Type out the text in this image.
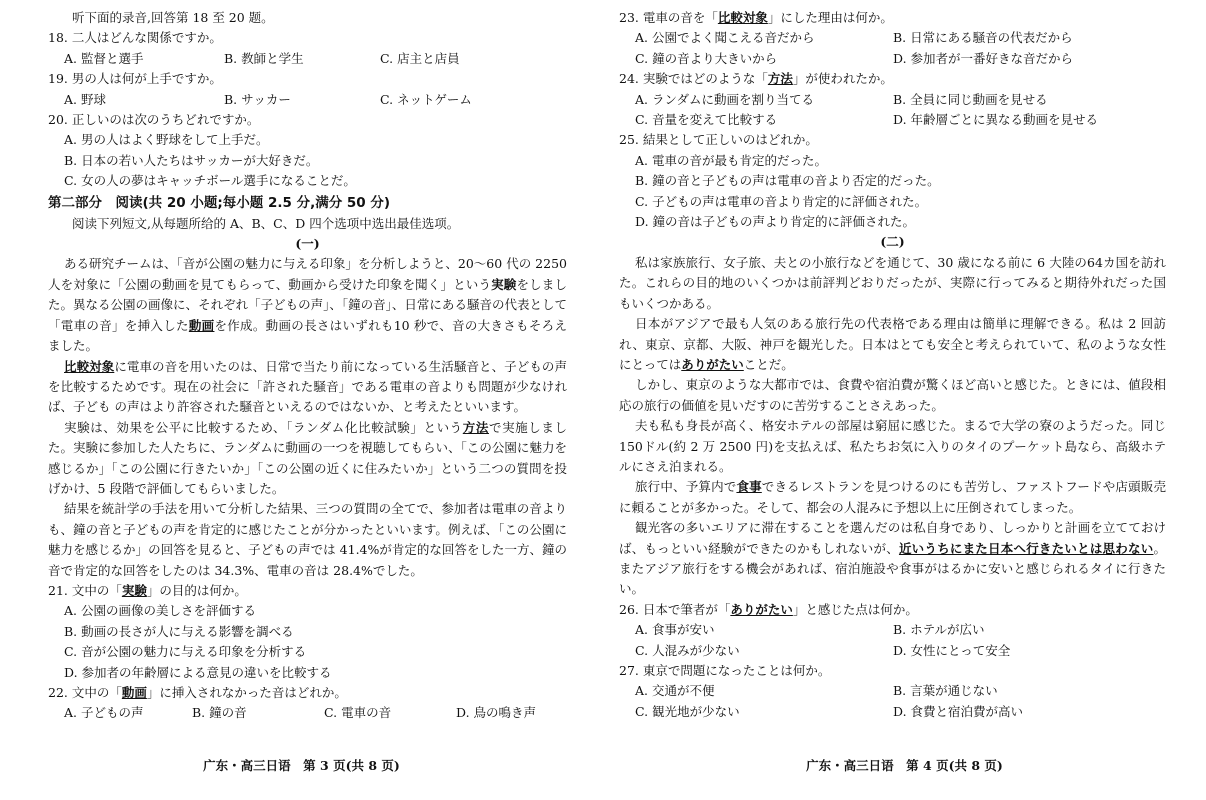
听下面的录音,回答第 18 至 20 题。
18. 二人はどんな関係ですか。
A. 監督と選手	B. 教師と学生	C. 店主と店員
19. 男の人は何が上手ですか。
A. 野球	B. サッカー	C. ネットゲーム
20. 正しいのは次のうちどれですか。
A. 男の人はよく野球をして上手だ。
B. 日本の若い人たちはサッカーが大好きだ。
C. 女の人の夢はキャッチボール選手になることだ。
第二部分　阅读(共 20 小题;每小题 2.5 分,满分 50 分)
阅读下列短文,从每题所给的 A、B、C、D 四个选项中选出最佳选项。
(一)
ある研究チームは、「音が公園の魅力に与える印象」を分析しようと、20～60 代の 2250 人を対象に「公園の動画を見てもらって、動画から受けた印象を聞く」という実験をしました。異なる公園の画像に、それぞれ「子どもの声」、「鐘の音」、日常にある騒音の代表として「電車の音」を挿入した動画を作成。動画の長さはいずれも10 秒で、音の大きさもそろえました。
比較対象に電車の音を用いたのは、日常で当たり前になっている生活騒音と、子どもの声を比較するためです。現在の社会に「許された騒音」である電車の音よりも問題が少なければ、子ども の声はより許容された騒音といえるのではないか、と考えたといいます。
実験は、効果を公平に比較するため、「ランダム化比較試験」という方法で実施しました。実験に参加した人たちに、ランダムに動画の一つを視聴してもらい、「この公園に魅力を感じるか」「この公園に行きたいか」「この公園の近くに住みたいか」という二つの質問を投げかけ、5 段階で評価してもらいました。
結果を統計学の手法を用いて分析した結果、三つの質問の全てで、参加者は電車の音よりも、鐘の音と子どもの声を肯定的に感じたことが分かったといいます。例えば、「この公園に魅力を感じるか」の回答を見ると、子どもの声では 41.4%が肯定的な回答をした一方、鐘の音で肯定的な回答をしたのは 34.3%、電車の音は 28.4%でした。
21. 文中の「実験」の目的は何か。
A. 公園の画像の美しさを評価する
B. 動画の長さが人に与える影響を調べる
C. 音が公園の魅力に与える印象を分析する
D. 参加者の年齢層による意見の違いを比較する
22. 文中の「動画」に挿入されなかった音はどれか。
A. 子どもの声	B. 鐘の音	C. 電車の音	D. 鳥の鳴き声
广东・高三日语　第 3 页(共 8 页)
23. 電車の音を「比較対象」にした理由は何か。
A. 公園でよく聞こえる音だから	B. 日常にある騒音の代表だから
C. 鐘の音より大きいから	D. 参加者が一番好きな音だから
24. 実験ではどのような「方法」が使われたか。
A. ランダムに動画を割り当てる	B. 全員に同じ動画を見せる
C. 音量を変えて比較する	D. 年齢層ごとに異なる動画を見せる
25. 結果として正しいのはどれか。
A. 電車の音が最も肯定的だった。
B. 鐘の音と子どもの声は電車の音より否定的だった。
C. 子どもの声は電車の音より肯定的に評価された。
D. 鐘の音は子どもの声より肯定的に評価された。
(二)
私は家族旅行、女子旅、夫との小旅行などを通じて、30 歳になる前に 6 大陸の64カ国を訪れた。これらの目的地のいくつかは前評判どおりだったが、実際に行ってみると期待外れだった国もいくつかある。
日本がアジアで最も人気のある旅行先の代表格である理由は簡単に理解できる。私は 2 回訪れ、東京、京都、大阪、神戸を観光した。日本はとても安全と考えられていて、私のような女性にとってはありがたいことだ。
しかし、東京のような大都市では、食費や宿泊費が驚くほど高いと感じた。ときには、値段相応の旅行の価値を見いだすのに苦労することさえあった。
夫も私も身長が高く、格安ホテルの部屋は窮屈に感じた。まるで大学の寮のようだった。同じ 150ドル(約 2 万 2500 円)を支払えば、私たちお気に入りのタイのプーケット島なら、高級ホテルにさえ泊まれる。
旅行中、予算内で食事できるレストランを見つけるのにも苦労し、ファストフードや店頭販売に頼ることが多かった。そして、都会の人混みに予想以上に圧倒されてしまった。
観光客の多いエリアに滞在することを選んだのは私自身であり、しっかりと計画を立てておけば、もっといい経験ができたのかもしれないが、近いうちにまた日本へ行きたいとは思わない。またアジア旅行をする機会があれば、宿泊施設や食事がはるかに安いと感じられるタイに行きたい。
26. 日本で筆者が「ありがたい」と感じた点は何か。
A. 食事が安い	B. ホテルが広い
C. 人混みが少ない	D. 女性にとって安全
27. 東京で問題になったことは何か。
A. 交通が不便	B. 言葉が通じない
C. 観光地が少ない	D. 食費と宿泊費が高い
广东・高三日语　第 4 页(共 8 页)
